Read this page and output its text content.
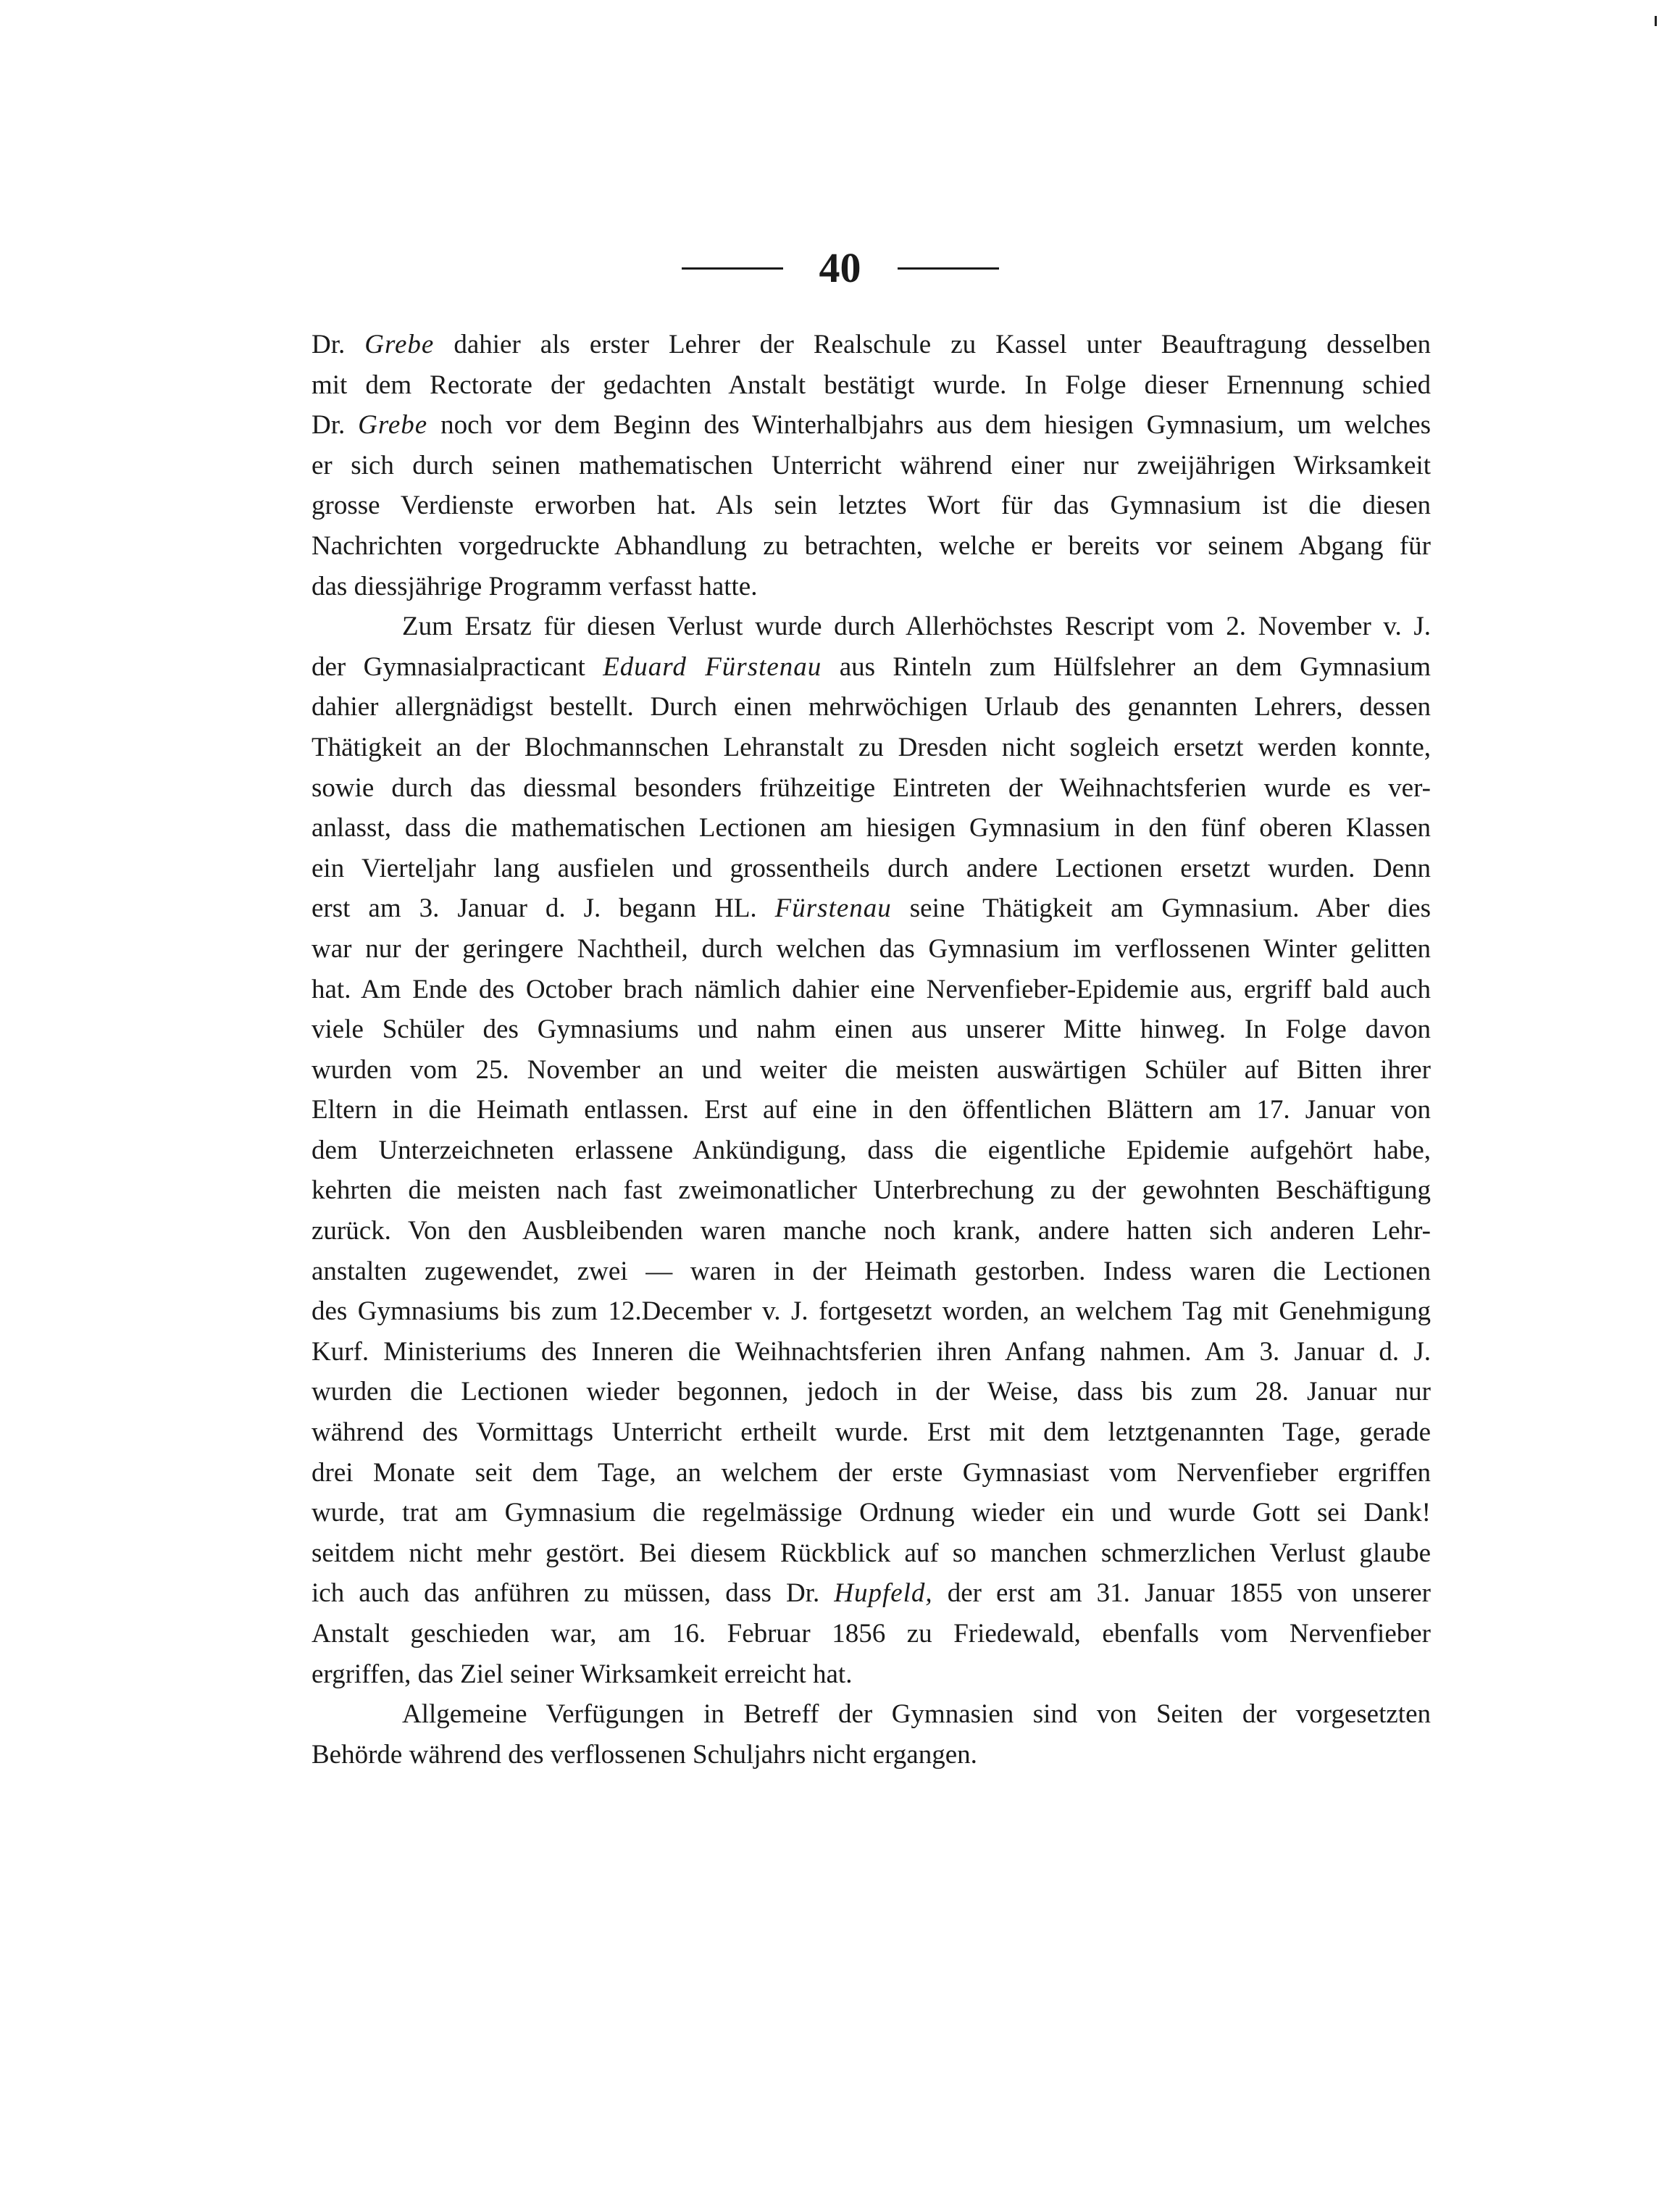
40
Dr. Grebe dahier als erster Lehrer der Realschule zu Kassel unter Beauftragung desselben
mit dem Rectorate der gedachten Anstalt bestätigt wurde. In Folge dieser Ernennung schied
Dr. Grebe noch vor dem Beginn des Winterhalbjahrs aus dem hiesigen Gymnasium, um welches
er sich durch seinen mathematischen Unterricht während einer nur zweijährigen Wirksamkeit
grosse Verdienste erworben hat. Als sein letztes Wort für das Gymnasium ist die diesen
Nachrichten vorgedruckte Abhandlung zu betrachten, welche er bereits vor seinem Abgang für
das diessjährige Programm verfasst hatte.
Zum Ersatz für diesen Verlust wurde durch Allerhöchstes Rescript vom 2. November v. J.
der Gymnasialpracticant Eduard Fürstenau aus Rinteln zum Hülfslehrer an dem Gymnasium
dahier allergnädigst bestellt. Durch einen mehrwöchigen Urlaub des genannten Lehrers, dessen
Thätigkeit an der Blochmannschen Lehranstalt zu Dresden nicht sogleich ersetzt werden konnte,
sowie durch das diessmal besonders frühzeitige Eintreten der Weihnachtsferien wurde es ver-
anlasst, dass die mathematischen Lectionen am hiesigen Gymnasium in den fünf oberen Klassen
ein Vierteljahr lang ausfielen und grossentheils durch andere Lectionen ersetzt wurden. Denn
erst am 3. Januar d. J. begann HL. Fürstenau seine Thätigkeit am Gymnasium. Aber dies
war nur der geringere Nachtheil, durch welchen das Gymnasium im verflossenen Winter gelitten
hat. Am Ende des October brach nämlich dahier eine Nervenfieber-Epidemie aus, ergriff bald auch
viele Schüler des Gymnasiums und nahm einen aus unserer Mitte hinweg. In Folge davon
wurden vom 25. November an und weiter die meisten auswärtigen Schüler auf Bitten ihrer
Eltern in die Heimath entlassen. Erst auf eine in den öffentlichen Blättern am 17. Januar von
dem Unterzeichneten erlassene Ankündigung, dass die eigentliche Epidemie aufgehört habe,
kehrten die meisten nach fast zweimonatlicher Unterbrechung zu der gewohnten Beschäftigung
zurück. Von den Ausbleibenden waren manche noch krank, andere hatten sich anderen Lehr-
anstalten zugewendet, zwei — waren in der Heimath gestorben. Indess waren die Lectionen
des Gymnasiums bis zum 12.December v. J. fortgesetzt worden, an welchem Tag mit Genehmigung
Kurf. Ministeriums des Inneren die Weihnachtsferien ihren Anfang nahmen. Am 3. Januar d. J.
wurden die Lectionen wieder begonnen, jedoch in der Weise, dass bis zum 28. Januar nur
während des Vormittags Unterricht ertheilt wurde. Erst mit dem letztgenannten Tage, gerade
drei Monate seit dem Tage, an welchem der erste Gymnasiast vom Nervenfieber ergriffen
wurde, trat am Gymnasium die regelmässige Ordnung wieder ein und wurde Gott sei Dank!
seitdem nicht mehr gestört. Bei diesem Rückblick auf so manchen schmerzlichen Verlust glaube
ich auch das anführen zu müssen, dass Dr. Hupfeld, der erst am 31. Januar 1855 von unserer
Anstalt geschieden war, am 16. Februar 1856 zu Friedewald, ebenfalls vom Nervenfieber
ergriffen, das Ziel seiner Wirksamkeit erreicht hat.
Allgemeine Verfügungen in Betreff der Gymnasien sind von Seiten der vorgesetzten
Behörde während des verflossenen Schuljahrs nicht ergangen.
